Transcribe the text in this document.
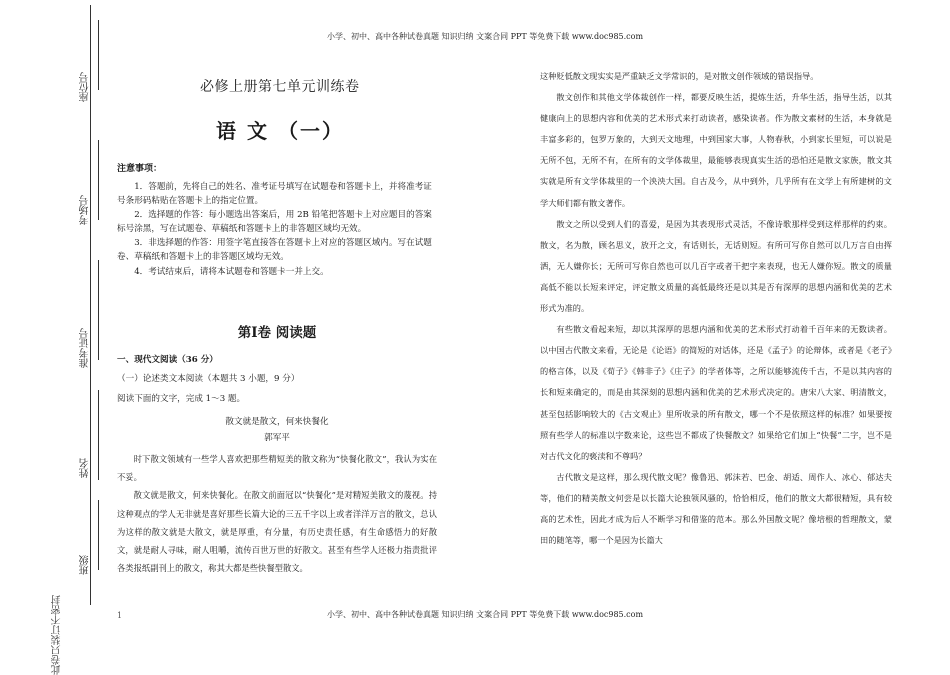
小学、初中、高中各种试卷真题 知识归纳 文案合同 PPT 等免费下载 www.doc985.com
座位号
考场号
准考证号
姓名
班级
此卷只装订不密封
必修上册第七单元训练卷
语 文 （一）
注意事项：

1．答题前，先将自己的姓名、准考证号填写在试题卷和答题卡上，并将准考证号条形码粘贴在答题卡上的指定位置。

2．选择题的作答：每小题选出答案后，用 2B 铅笔把答题卡上对应题目的答案标号涂黑，写在试题卷、草稿纸和答题卡上的非答题区域均无效。

3．非选择题的作答：用签字笔直接答在答题卡上对应的答题区域内。写在试题卷、草稿纸和答题卡上的非答题区域均无效。

4．考试结束后，请将本试题卷和答题卡一并上交。

第Ⅰ卷 阅读题
一、现代文阅读（36 分）
（一）论述类文本阅读（本题共 3 小题，9 分）
阅读下面的文字，完成 1～3 题。
散文就是散文，何来快餐化
郭军平

时下散文领域有一些学人喜欢把那些精短美的散文称为“快餐化散文”，我认为实在不妥。

散文就是散文，何来快餐化。在散文前面冠以“快餐化”是对精短美散文的蔑视。持这种观点的学人无非就是喜好那些长篇大论的三五千字以上或者洋洋万言的散文，总认为这样的散文就是大散文，就是厚重，有分量，有历史责任感，有生命感悟力的好散文，就是耐人寻味，耐人咀嚼，流传百世万世的好散文。甚至有些学人还极力指责批评各类报纸副刊上的散文，称其大都是些快餐型散文。

这种贬低散文现实实是严重缺乏文学常识的，是对散文创作领域的错误指导。

散文创作和其他文学体裁创作一样，都要反映生活，提炼生活，升华生活，指导生活，以其健康向上的思想内容和优美的艺术形式来打动读者，感染读者。作为散文素材的生活，本身就是丰富多彩的，包罗万象的，大到天文地理，中到国家大事，人物春秋，小到家长里短，可以说是无所不包，无所不有，在所有的文学体裁里，最能够表现真实生活的恐怕还是散文家族，散文其实就是所有文学体裁里的一个泱泱大国。自古及今，从中到外，几乎所有在文学上有所建树的文学大师们都有散文著作。

散文之所以受到人们的喜爱，是因为其表现形式灵活，不像诗歌那样受到这样那样的约束。散文，名为散，顾名思义，放开之文，有话则长，无话则短。有所可写你自然可以几万言自由挥洒，无人嫌你长；无所可写你自然也可以几百字或者干把字来表现，也无人嫌你短。散文的质量高低不能以长短来评定，评定散文质量的高低最终还是以其是否有深厚的思想内涵和优美的艺术形式为准的。

有些散文看起来短，却以其深厚的思想内涵和优美的艺术形式打动着千百年来的无数读者。以中国古代散文来看，无论是《论语》的简短的对话体，还是《孟子》的论辩体，或者是《老子》的格言体，以及《荀子》《韩非子》《庄子》的学者体等，之所以能够流传千古，不是以其内容的长和短来确定的，而是由其深刻的思想内涵和优美的艺术形式决定的。唐宋八大家、明清散文，甚至包括影响较大的《古文观止》里所收录的所有散文，哪一个不是依照这样的标准？如果要按照有些学人的标准以字数来论，这些岂不都成了快餐散文？如果给它们加上“快餐”二字，岂不是对古代文化的亵渎和不尊吗？

古代散文是这样，那么现代散文呢？像鲁迅、郭沫若、巴金、胡适、周作人、冰心、郁达夫等，他们的精美散文何尝是以长篇大论独领风骚的，恰恰相反，他们的散文大都很精短，具有较高的艺术性，因此才成为后人不断学习和借鉴的范本。那么外国散文呢？像培根的哲理散文，蒙田的随笔等，哪一个是因为长篇大

1	小学、初中、高中各种试卷真题 知识归纳 文案合同 PPT 等免费下载 www.doc985.com
